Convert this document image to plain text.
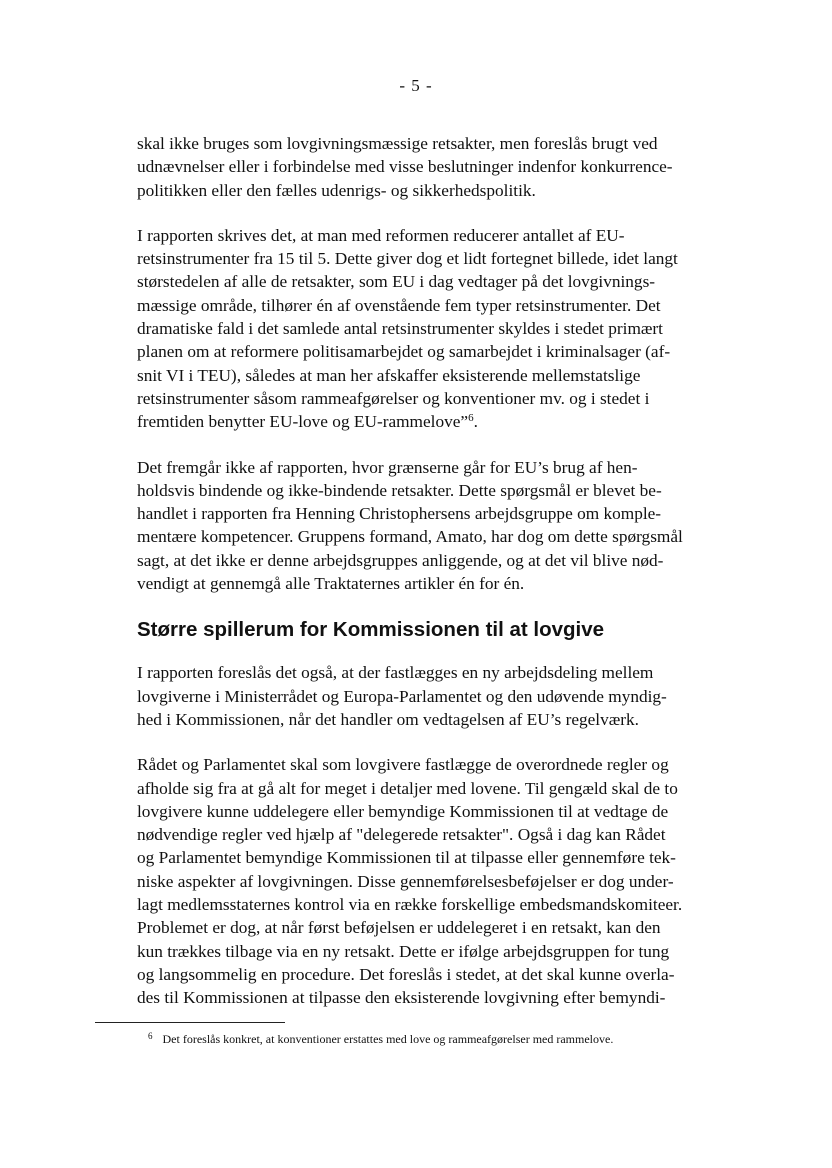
- 5 -

skal ikke bruges som lovgivningsmæssige retsakter, men foreslås brugt ved
udnævnelser eller i forbindelse med visse beslutninger indenfor konkurrence-
politikken eller den fælles udenrigs- og sikkerhedspolitik.

I rapporten skrives det, at man med reformen reducerer antallet af EU-
retsinstrumenter fra 15 til 5. Dette giver dog et lidt fortegnet billede, idet langt
størstedelen af alle de retsakter, som EU i dag vedtager på det lovgivnings-
mæssige område, tilhører én af ovenstående fem typer retsinstrumenter. Det
dramatiske fald i det samlede antal retsinstrumenter skyldes i stedet primært
planen om at reformere politisamarbejdet og samarbejdet i kriminalsager (af-
snit VI i TEU), således at man her afskaffer eksisterende mellemstatslige
retsinstrumenter såsom rammeafgørelser og konventioner mv. og i stedet i
fremtiden benytter EU-love og EU-rammelove”$^6$.

Det fremgår ikke af rapporten, hvor grænserne går for EU’s brug af hen-
holdsvis bindende og ikke-bindende retsakter. Dette spørgsmål er blevet be-
handlet i rapporten fra Henning Christophersens arbejdsgruppe om komple-
mentære kompetencer. Gruppens formand, Amato, har dog om dette spørgsmål
sagt, at det ikke er denne arbejdsgruppes anliggende, og at det vil blive nød-
vendigt at gennemgå alle Traktaternes artikler én for én.

Større spillerum for Kommissionen til at lovgive

I rapporten foreslås det også, at der fastlægges en ny arbejdsdeling mellem
lovgiverne i Ministerrådet og Europa-Parlamentet og den udøvende myndig-
hed i Kommissionen, når det handler om vedtagelsen af EU’s regelværk.

Rådet og Parlamentet skal som lovgivere fastlægge de overordnede regler og
afholde sig fra at gå alt for meget i detaljer med lovene. Til gengæld skal de to
lovgivere kunne uddelegere eller bemyndige Kommissionen til at vedtage de
nødvendige regler ved hjælp af "delegerede retsakter". Også i dag kan Rådet
og Parlamentet bemyndige Kommissionen til at tilpasse eller gennemføre tek-
niske aspekter af lovgivningen. Disse gennemførelsesbeføjelser er dog under-
lagt medlemsstaternes kontrol via en række forskellige embedsmandskomiteer.
Problemet er dog, at når først beføjelsen er uddelegeret i en retsakt, kan den
kun trækkes tilbage via en ny retsakt. Dette er ifølge arbejdsgruppen for tung
og langsommelig en procedure. Det foreslås i stedet, at det skal kunne overla-
des til Kommissionen at tilpasse den eksisterende lovgivning efter bemyndi-

$^6$ Det foreslås konkret, at konventioner erstattes med love og rammeafgørelser med rammelove.
